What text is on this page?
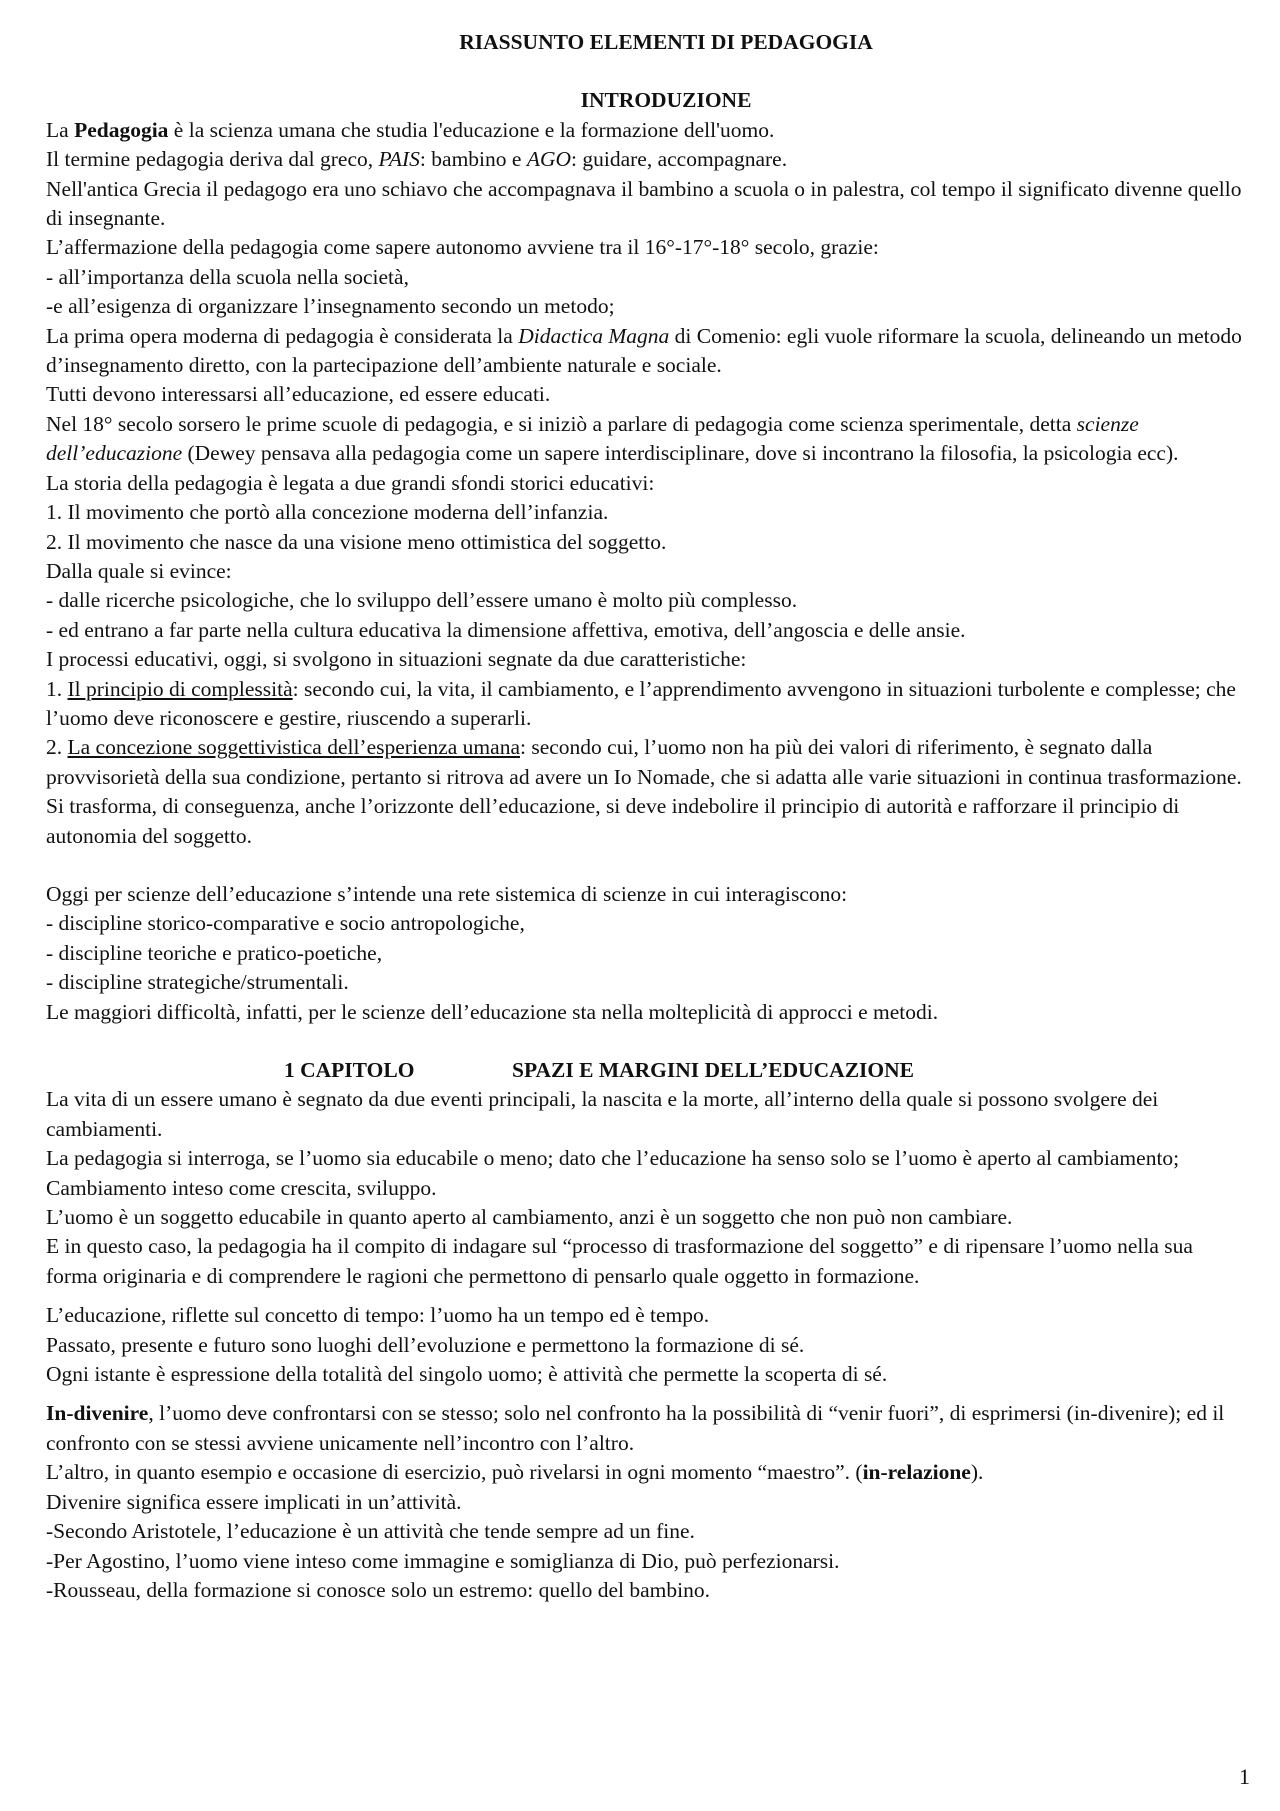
RIASSUNTO ELEMENTI DI PEDAGOGIA

INTRODUZIONE

La Pedagogia è la scienza umana che studia l'educazione e la formazione dell'uomo.

Il termine pedagogia deriva dal greco, PAIS: bambino e AGO: guidare, accompagnare.

Nell'antica Grecia il pedagogo era uno schiavo che accompagnava il bambino a scuola o in palestra, col tempo il significato divenne quello di insegnante.

L’affermazione della pedagogia come sapere autonomo avviene tra il 16°-17°-18° secolo, grazie:

- all’importanza della scuola nella società,

-e all’esigenza di organizzare l’insegnamento secondo un metodo;

La prima opera moderna di pedagogia è considerata la Didactica Magna di Comenio: egli vuole riformare la scuola, delineando un metodo d’insegnamento diretto, con la partecipazione dell’ambiente naturale e sociale.

Tutti devono interessarsi all’educazione, ed essere educati.

Nel 18° secolo sorsero le prime scuole di pedagogia, e si iniziò a parlare di pedagogia come scienza sperimentale, detta scienze dell’educazione (Dewey pensava alla pedagogia come un sapere interdisciplinare, dove si incontrano la filosofia, la psicologia ecc).

La storia della pedagogia è legata a due grandi sfondi storici educativi:

1. Il movimento che portò alla concezione moderna dell’infanzia.

2. Il movimento che nasce da una visione meno ottimistica del soggetto.

Dalla quale si evince:

- dalle ricerche psicologiche, che lo sviluppo dell’essere umano è molto più complesso.

- ed entrano a far parte nella cultura educativa la dimensione affettiva, emotiva, dell’angoscia e delle ansie.

I processi educativi, oggi, si svolgono in situazioni segnate da due caratteristiche:

1. Il principio di complessità: secondo cui, la vita, il cambiamento, e l’apprendimento avvengono in situazioni turbolente e complesse; che l’uomo deve riconoscere e gestire, riuscendo a superarli.

2. La concezione soggettivistica dell’esperienza umana: secondo cui, l’uomo non ha più dei valori di riferimento, è segnato dalla provvisorietà della sua condizione, pertanto si ritrova ad avere un Io Nomade, che si adatta alle varie situazioni in continua trasformazione. Si trasforma, di conseguenza, anche l’orizzonte dell’educazione, si deve indebolire il principio di autorità e rafforzare il principio di autonomia del soggetto.

Oggi per scienze dell’educazione s’intende una rete sistemica di scienze in cui interagiscono:

- discipline storico-comparative e socio antropologiche,

- discipline teoriche e pratico-poetiche,

- discipline strategiche/strumentali.

Le maggiori difficoltà, infatti, per le scienze dell’educazione sta nella molteplicità di approcci e metodi.

1 CAPITOLO	SPAZI E MARGINI DELL’EDUCAZIONE

La vita di un essere umano è segnato da due eventi principali, la nascita e la morte, all’interno della quale si possono svolgere dei cambiamenti.

La pedagogia si interroga, se l’uomo sia educabile o meno; dato che l’educazione ha senso solo se l’uomo è aperto al cambiamento; Cambiamento inteso come crescita, sviluppo.

L’uomo è un soggetto educabile in quanto aperto al cambiamento, anzi è un soggetto che non può non cambiare.

E in questo caso, la pedagogia ha il compito di indagare sul “processo di trasformazione del soggetto” e di ripensare l’uomo nella sua forma originaria e di comprendere le ragioni che permettono di pensarlo quale oggetto in formazione.

L’educazione, riflette sul concetto di tempo: l’uomo ha un tempo ed è tempo.

Passato, presente e futuro sono luoghi dell’evoluzione e permettono la formazione di sé.

Ogni istante è espressione della totalità del singolo uomo; è attività che permette la scoperta di sé.

In-divenire, l’uomo deve confrontarsi con se stesso; solo nel confronto ha la possibilità di “venir fuori”, di esprimersi (in-divenire); ed il confronto con se stessi avviene unicamente nell’incontro con l’altro.

L’altro, in quanto esempio e occasione di esercizio, può rivelarsi in ogni momento “maestro”. (in-relazione).

Divenire significa essere implicati in un’attività.

-Secondo Aristotele, l’educazione è un attività che tende sempre ad un fine.

-Per Agostino, l’uomo viene inteso come immagine e somiglianza di Dio, può perfezionarsi.

-Rousseau, della formazione si conosce solo un estremo: quello del bambino.

1
